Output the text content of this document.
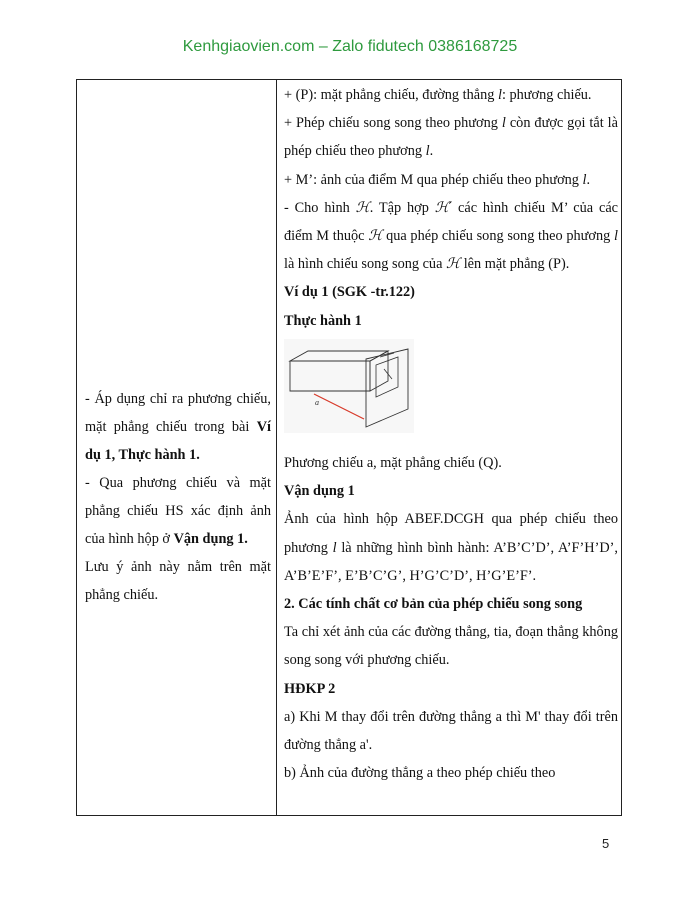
Kenhgiaovien.com – Zalo fidutech 0386168725

- Áp dụng chỉ ra phương chiếu, mặt phẳng chiếu trong bài Ví dụ 1, Thực hành 1.

- Qua phương chiếu và mặt phẳng chiếu HS xác định ảnh của hình hộp ở Vận dụng 1.

Lưu ý ảnh này nằm trên mặt phẳng chiếu.

+ (P): mặt phẳng chiếu, đường thẳng l: phương chiếu.

+ Phép chiếu song song theo phương l còn được gọi tắt là phép chiếu theo phương l.

+ M’: ảnh của điểm M qua phép chiếu theo phương l.

- Cho hình ℋ. Tập hợp ℋ′ các hình chiếu M’ của các điểm M thuộc ℋ qua phép chiếu song song theo phương l là hình chiếu song song của ℋ lên mặt phẳng (P).

Ví dụ 1 (SGK -tr.122)

Thực hành 1

a

Phương chiếu a, mặt phẳng chiếu (Q).

Vận dụng 1

Ảnh của hình hộp ABEF.DCGH qua phép chiếu theo phương l là những hình bình hành: A’B’C’D’, A’F’H’D’, A’B’E’F’, E’B’C’G’, H’G’C’D’, H’G’E’F’.

2. Các tính chất cơ bản của phép chiếu song song

Ta chỉ xét ảnh của các đường thẳng, tia, đoạn thẳng không song song với phương chiếu.

HĐKP 2

a) Khi M thay đổi trên đường thẳng a thì M' thay đổi trên đường thẳng a'.

b) Ảnh của đường thẳng a theo phép chiếu theo

5
